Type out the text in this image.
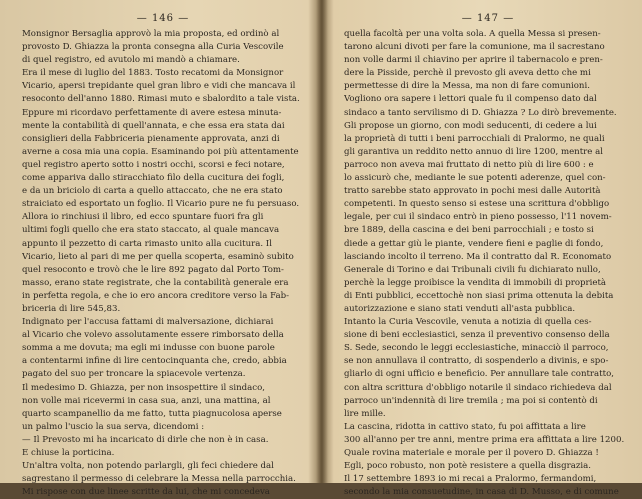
— 146 —
Monsignor Bersaglia approvò la mia proposta, ed ordinò al
provosto D. Ghiazza la pronta consegna alla Curia Vescovile
di quel registro, ed avutolo mi mandò a chiamare.
Era il mese di luglio del 1883. Tosto recatomi da Monsignor
Vicario, apersi trepidante quel gran libro e vidi che mancava il
resoconto dell'anno 1880. Rimasi muto e sbalordito a tale vista.
Eppure mi ricordavo perfettamente di avere estesa minuta-
mente la contabilità di quell'annata, e che essa era stata dai
consiglieri della Fabbriceria pienamente approvata, anzi di
averne a cosa mia una copia. Esaminando poi più attentamente
quel registro aperto sotto i nostri occhi, scorsi e feci notare,
come appariva dallo stiracchiato filo della cucitura dei fogli,
e da un briciolo di carta a quello attaccato, che ne era stato
straiciato ed esportato un foglio. Il Vicario pure ne fu persuaso.
Allora io rinchiusi il libro, ed ecco spuntare fuori fra gli
ultimi fogli quello che era stato staccato, al quale mancava
appunto il pezzetto di carta rimasto unito alla cucitura. Il
Vicario, lieto al pari di me per quella scoperta, esaminò subito
quel resoconto e trovò che le lire 892 pagato dal Porto Tom-
masso, erano state registrate, che la contabilità generale era
in perfetta regola, e che io ero ancora creditore verso la Fab-
briceria di lire 545,83.
Indignato per l'accusa fattami di malversazione, dichiarai
al Vicario che volevo assolutamente essere rimborsato della
somma a me dovuta; ma egli mi indusse con buone parole
a contentarmi infine di lire centocinquanta che, credo, abbia
pagato del suo per troncare la spiacevole vertenza.
Il medesimo D. Ghiazza, per non insospettire il sindaco,
non volle mai ricevermi in casa sua, anzi, una mattina, al
quarto scampanellio da me fatto, tutta piagnucolosa aperse
un palmo l'uscio la sua serva, dicendomi :
— Il Prevosto mi ha incaricato di dirle che non è in casa.
E chiuse la porticina.
Un'altra volta, non potendo parlargli, gli feci chiedere dal
sagrestano il permesso di celebrare la Messa nella parrocchia.
Mi rispose con due linee scritte da lui, che mi concedeva
— 147 —
quella facoltà per una volta sola. A quella Messa si presen-
tarono alcuni divoti per fare la comunione, ma il sacrestano
non volle darmi il chiavino per aprire il tabernacolo e pren-
dere la Pisside, perchè il prevosto gli aveva detto che mi
permettesse di dire la Messa, ma non di fare comunioni.
Vogliono ora sapere i lettori quale fu il compenso dato dal
sindaco a tanto servilismo di D. Ghiazza ? Lo dirò brevemente.
Gli propose un giorno, con modi seducenti, di cedere a lui
la proprietà di tutti i beni parrocchiali di Pralormo, ne quali
gli garantiva un reddito netto annuo di lire 1200, mentre al
parroco non aveva mai fruttato di netto più di lire 600 : e
lo assicurò che, mediante le sue potenti aderenze, quel con-
tratto sarebbe stato approvato in pochi mesi dalle Autorità
competenti. In questo senso si estese una scrittura d'obbligo
legale, per cui il sindaco entrò in pieno possesso, l'11 novem-
bre 1889, della cascina e dei beni parrocchiali ; e tosto si
diede a gettar giù le piante, vendere fieni e paglie di fondo,
lasciando incolto il terreno. Ma il contratto dal R. Economato
Generale di Torino e dai Tribunali civili fu dichiarato nullo,
perchè la legge proibisce la vendita di immobili di proprietà
di Enti pubblici, eccettochè non siasi prima ottenuta la debita
autorizzazione e siano stati venduti all'asta pubblica.
Intanto la Curia Vescovile, venuta a notizia di quella ces-
sione di beni ecclesiastici, senza il preventivo consenso della
S. Sede, secondo le leggi ecclesiastiche, minacciò il parroco,
se non annullava il contratto, di sospenderlo a divinis, e spo-
gliarlo di ogni ufficio e beneficio. Per annullare tale contratto,
con altra scrittura d'obbligo notarile il sindaco richiedeva dal
parroco un'indennità di lire tremila ; ma poi si contentò di
lire mille.
La cascina, ridotta in cattivo stato, fu poi affittata a lire
300 all'anno per tre anni, mentre prima era affittata a lire 1200.
Quale rovina materiale e morale per il povero D. Ghiazza !
Egli, poco robusto, non potè resistere a quella disgrazia.
Il 17 settembre 1893 io mi recai a Pralormo, fermandomi,
secondo la mia consuetudine, in casa di D. Musso, e di comune
